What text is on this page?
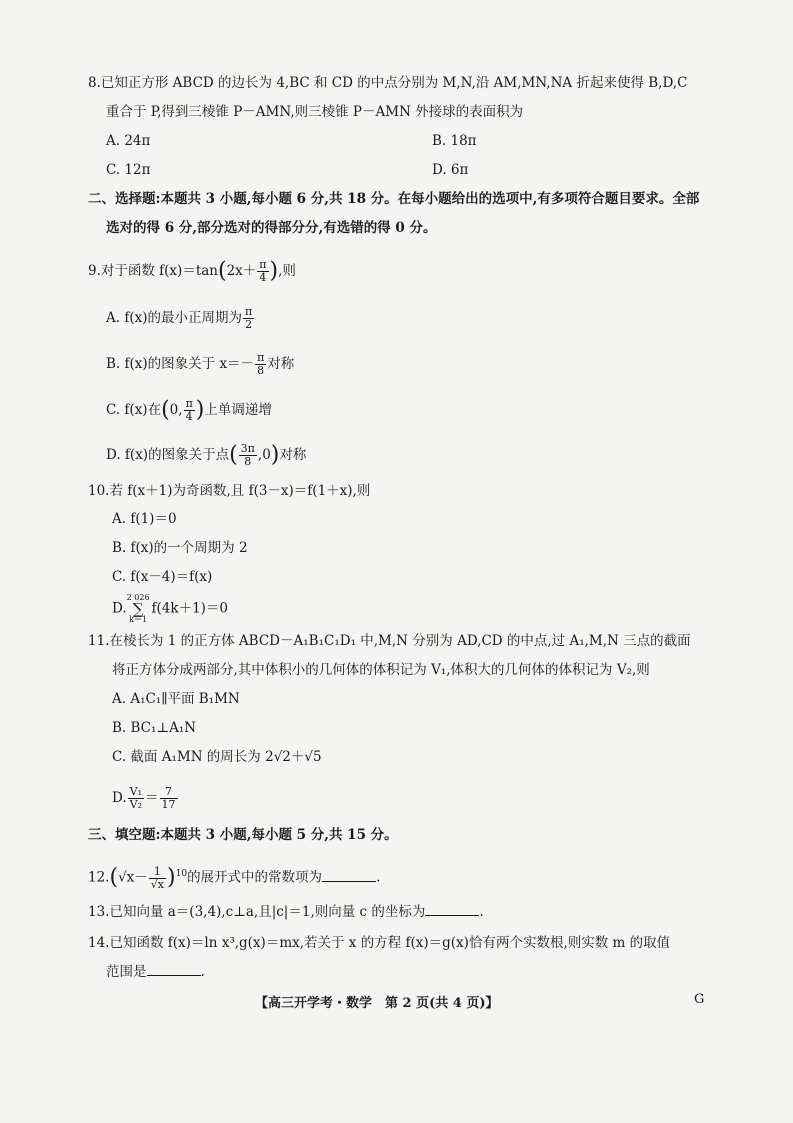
8.已知正方形 ABCD 的边长为 4,BC 和 CD 的中点分别为 M,N,沿 AM,MN,NA 折起来使得 B,D,C
重合于 P,得到三棱锥 P－AMN,则三棱锥 P－AMN 外接球的表面积为
A. 24π	B. 18π
C. 12π	D. 6π
二、选择题:本题共 3 小题,每小题 6 分,共 18 分。在每小题给出的选项中,有多项符合题目要求。全部
选对的得 6 分,部分选对的得部分分,有选错的得 0 分。
9.对于函数 $f(x)=\tan(2x+ \frac{\pi}{4}$ ),则
A. f(x)的最小正周期为 $\frac{\pi}{2}$
B. f(x)的图象关于 $x=- \frac{\pi}{8}$ 对称
C. f(x)在(0, $\frac{\pi}{4}$ )上单调递增
D. f(x)的图象关于点( $\frac{3\pi}{8} ,0$)对称
10.若 f(x＋1)为奇函数,且 f(3－x)＝f(1＋x),则
A. f(1)＝0
B. f(x)的一个周期为 2
C. f(x－4)＝f(x)
D.2 026
∑
k＝1f(4k＋1)＝0
11.在棱长为 1 的正方体 ABCD－A₁B₁C₁D₁ 中,M,N 分别为 AD,CD 的中点,过 A₁,M,N 三点的截面
将正方体分成两部分,其中体积小的几何体的体积记为 V₁,体积大的几何体的体积记为 V₂,则
A. A₁C₁∥平面 B₁MN
B. BC₁⊥A₁N
C. 截面 A₁MN 的周长为 2√2＋√5
D. $\frac{\text{V₁}}{\text{V₂}} = \frac{7}{17}$
三、填空题:本题共 3 小题,每小题 5 分,共 15 分。
$12.(√x- \frac{1}{√x} )^{10}$的展开式中的常数项为	.
13.已知向量 a＝(3,4),c⊥a,且|c|＝1,则向量 c 的坐标为	.
14.已知函数 f(x)＝ln x³,g(x)＝mx,若关于 x 的方程 f(x)＝g(x)恰有两个实数根,则实数 m 的取值
范围是	.
【高三开学考・数学　第 2 页(共 4 页)】	G
